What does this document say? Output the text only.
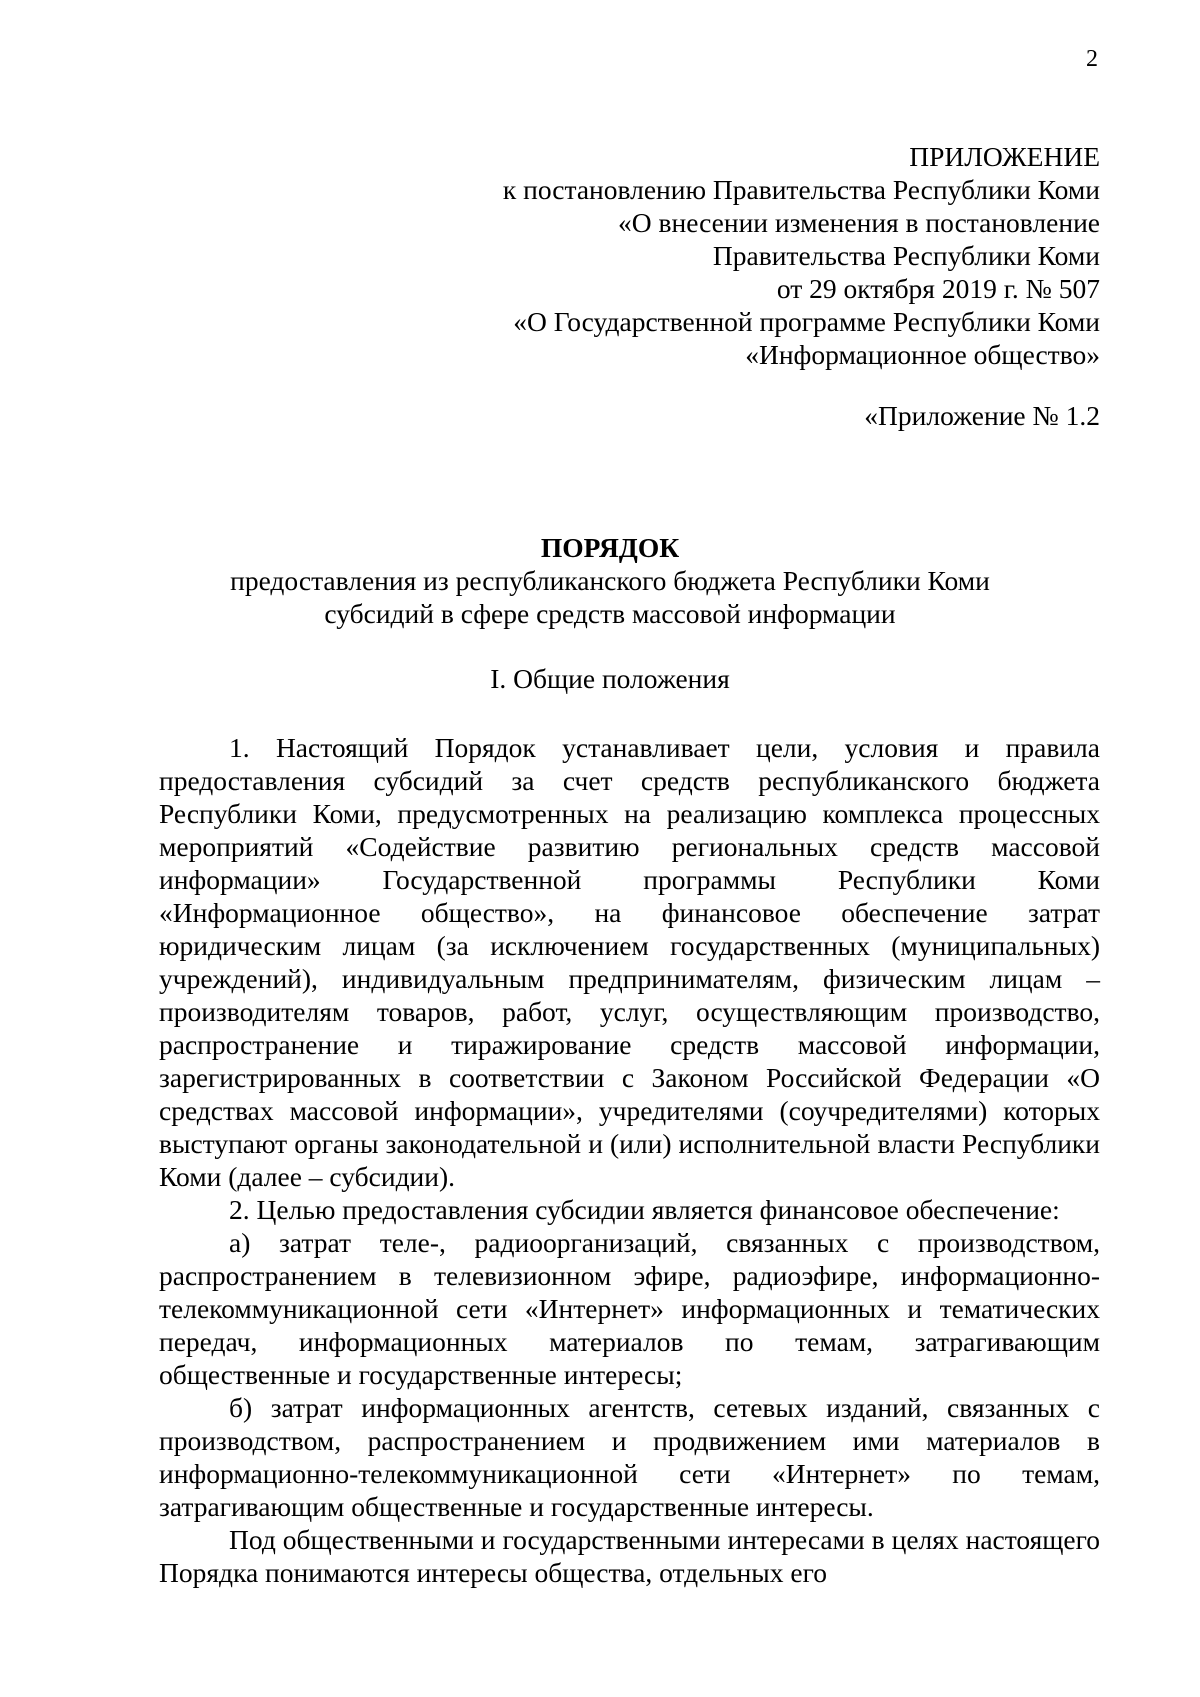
2
ПРИЛОЖЕНИЕ
к постановлению Правительства Республики Коми
«О внесении изменения в постановление
Правительства Республики Коми
от 29 октября 2019 г. № 507
«О Государственной программе Республики Коми
«Информационное общество»
«Приложение № 1.2
ПОРЯДОК
предоставления из республиканского бюджета Республики Коми
субсидий в сфере средств массовой информации
I. Общие положения

1. Настоящий Порядок устанавливает цели, условия и правила предоставления субсидий за счет средств республиканского бюджета Республики Коми, предусмотренных на реализацию комплекса процессных мероприятий «Содействие развитию региональных средств массовой информации» Государственной программы Республики Коми «Информационное общество», на финансовое обеспечение затрат юридическим лицам (за исключением государственных (муниципальных) учреждений), индивидуальным предпринимателям, физическим лицам – производителям товаров, работ, услуг, осуществляющим производство, распространение и тиражирование средств массовой информации, зарегистрированных в соответствии с Законом Российской Федерации «О средствах массовой информации», учредителями (соучредителями) которых выступают органы законодательной и (или) исполнительной власти Республики Коми (далее – субсидии).

2. Целью предоставления субсидии является финансовое обеспечение:

а) затрат теле-, радиоорганизаций, связанных с производством, распространением в телевизионном эфире, радиоэфире, информационно-телекоммуникационной сети «Интернет» информационных и тематических передач, информационных материалов по темам, затрагивающим общественные и государственные интересы;

б) затрат информационных агентств, сетевых изданий, связанных с производством, распространением и продвижением ими материалов в информационно-телекоммуникационной сети «Интернет» по темам, затрагивающим общественные и государственные интересы.

Под общественными и государственными интересами в целях настоящего Порядка понимаются интересы общества, отдельных его
